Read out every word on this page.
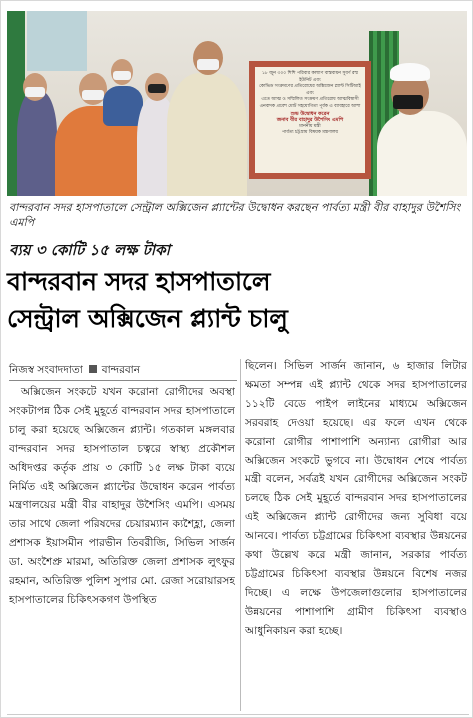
১৮ জুন ৩০০ শিশি পরিবার কল্যাণ বাস্তবায়ন সুবর্ণ রশ্ম ইউনিট এবং
কোভিড সংক্রমণের প্রতিরোধের অক্সিজেন প্ল্যান্ট সিটিআই এবং
এতে আত্ম ও সম্মিলিত সংক্রমণ প্রতিরোধ আত্মবিশ্বাসী
এনবাদক প্রবেশ মোট সহযোগিতা পূর্বক এ ব্যাবহারে আশা
শুভ উদ্বোধন করেন
জনাব বীর বাহাদুর উশৈসিং এমপি
মাননীয় মন্ত্রী
পার্বত্য চট্টগ্রাম বিষয়ক মন্ত্রণালয়
বান্দরবান সদর হাসপাতালে সেন্ট্রাল অক্সিজেন প্ল্যান্টের উদ্বোধন করছেন পার্বত্য মন্ত্রী বীর বাহাদুর উশৈসিং এমপি
ব্যয় ৩ কোটি ১৫ লক্ষ টাকা
বান্দরবান সদর হাসপাতালে
সেন্ট্রাল অক্সিজেন প্ল্যান্ট চালু
নিজস্ব সংবাদদাতা বান্দরবান
অক্সিজেন সংকটে যখন করোনা রোগীদের অবস্থা সংকটাপন্ন ঠিক সেই মুহূর্তে বান্দরবান সদর হাসপাতালে চালু করা হয়েছে অক্সিজেন প্ল্যান্ট। গতকাল মঙ্গলবার বান্দরবান সদর হাসপাতাল চত্বরে স্বাস্থ্য প্রকৌশল অধিদপ্তর কর্তৃক প্রায় ৩ কোটি ১৫ লক্ষ টাকা ব্যয়ে নির্মিত এই অক্সিজেন প্ল্যান্টের উদ্বোধন করেন পার্বত্য মন্ত্রণালয়ের মন্ত্রী বীর বাহাদুর উশৈসিং এমপি। এসময় তার সাথে জেলা পরিষদের চেয়ারম্যান ক্যশৈহ্লা, জেলা প্রশাসক ইয়াসমীন পারভীন তিবরীজি, সিভিল সার্জন ডা. অংশৈপ্রু মারমা, অতিরিক্ত জেলা প্রশাসক লুৎফুর রহমান, অতিরিক্ত পুলিশ সুপার মো. রেজা সরোয়ারসহ হাসপাতালের চিকিৎসকগণ উপস্থিত
ছিলেন। সিভিল সার্জন জানান, ৬ হাজার লিটার ক্ষমতা সম্পন্ন এই প্ল্যান্ট থেকে সদর হাসপাতালের ১১২টি বেডে পাইপ লাইনের মাধ্যমে অক্সিজেন সরবরাহ দেওয়া হয়েছে। এর ফলে এখন থেকে করোনা রোগীর পাশাপাশি অন্যান্য রোগীরা আর অক্সিজেন সংকটে ভুগবে না। উদ্বোধন শেষে পার্বত্য মন্ত্রী বলেন, সর্বত্রই যখন রোগীদের অক্সিজেন সংকট চলছে ঠিক সেই মুহূর্তে বান্দরবান সদর হাসপাতালের এই অক্সিজেন প্ল্যান্ট রোগীদের জন্য সুবিধা বয়ে আনবে। পার্বত্য চট্টগ্রামের চিকিৎসা ব্যবস্থার উন্নয়নের কথা উল্লেখ করে মন্ত্রী জানান, সরকার পার্বত্য চট্টগ্রামের চিকিৎসা ব্যবস্থার উন্নয়নে বিশেষ নজর দিচ্ছে। এ লক্ষে উপজেলাগুলোর হাসপাতালের উন্নয়নের পাশাপাশি গ্রামীণ চিকিৎসা ব্যবস্থাও আধুনিকায়ন করা হচ্ছে।
